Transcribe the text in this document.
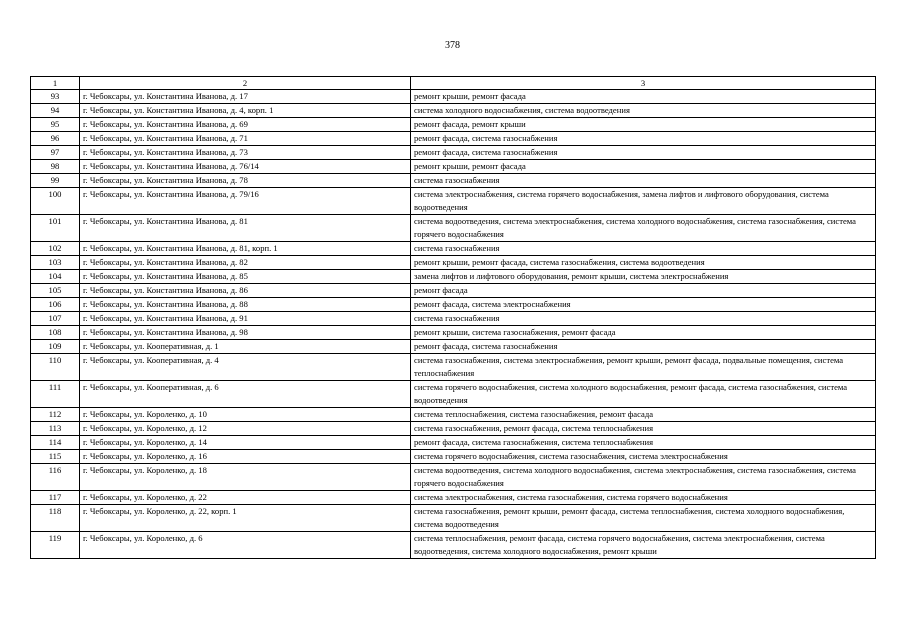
378
1	2	3
93	г. Чебоксары, ул. Константина Иванова, д. 17	ремонт крыши, ремонт фасада
94	г. Чебоксары, ул. Константина Иванова, д. 4, корп. 1	система холодного водоснабжения, система водоотведения
95	г. Чебоксары, ул. Константина Иванова, д. 69	ремонт фасада, ремонт крыши
96	г. Чебоксары, ул. Константина Иванова, д. 71	ремонт фасада, система газоснабжения
97	г. Чебоксары, ул. Константина Иванова, д. 73	ремонт фасада, система газоснабжения
98	г. Чебоксары, ул. Константина Иванова, д. 76/14	ремонт крыши, ремонт фасада
99	г. Чебоксары, ул. Константина Иванова, д. 78	система газоснабжения
100	г. Чебоксары, ул. Константина Иванова, д. 79/16	система электроснабжения, система горячего водоснабжения, замена лифтов и лифтового оборудования, система водоотведения
101	г. Чебоксары, ул. Константина Иванова, д. 81	система водоотведения, система электроснабжения, система холодного водоснабжения, система газоснабжения, система горячего водоснабжения
102	г. Чебоксары, ул. Константина Иванова, д. 81, корп. 1	система газоснабжения
103	г. Чебоксары, ул. Константина Иванова, д. 82	ремонт крыши, ремонт фасада, система газоснабжения, система водоотведения
104	г. Чебоксары, ул. Константина Иванова, д. 85	замена лифтов и лифтового оборудования, ремонт крыши, система электроснабжения
105	г. Чебоксары, ул. Константина Иванова, д. 86	ремонт фасада
106	г. Чебоксары, ул. Константина Иванова, д. 88	ремонт фасада, система электроснабжения
107	г. Чебоксары, ул. Константина Иванова, д. 91	система газоснабжения
108	г. Чебоксары, ул. Константина Иванова, д. 98	ремонт крыши, система газоснабжения, ремонт фасада
109	г. Чебоксары, ул. Кооперативная, д. 1	ремонт фасада, система газоснабжения
110	г. Чебоксары, ул. Кооперативная, д. 4	система газоснабжения, система электроснабжения, ремонт крыши, ремонт фасада, подвальные помещения, система теплоснабжения
111	г. Чебоксары, ул. Кооперативная, д. 6	система горячего водоснабжения, система холодного водоснабжения, ремонт фасада, система газоснабжения, система водоотведения
112	г. Чебоксары, ул. Короленко, д. 10	система теплоснабжения, система газоснабжения, ремонт фасада
113	г. Чебоксары, ул. Короленко, д. 12	система газоснабжения, ремонт фасада, система теплоснабжения
114	г. Чебоксары, ул. Короленко, д. 14	ремонт фасада, система газоснабжения, система теплоснабжения
115	г. Чебоксары, ул. Короленко, д. 16	система горячего водоснабжения, система газоснабжения, система электроснабжения
116	г. Чебоксары, ул. Короленко, д. 18	система водоотведения, система холодного водоснабжения, система электроснабжения, система газоснабжения, система горячего водоснабжения
117	г. Чебоксары, ул. Короленко, д. 22	система электроснабжения, система газоснабжения, система горячего водоснабжения
118	г. Чебоксары, ул. Короленко, д. 22, корп. 1	система газоснабжения, ремонт крыши, ремонт фасада, система теплоснабжения, система холодного водоснабжения, система водоотведения
119	г. Чебоксары, ул. Короленко, д. 6	система теплоснабжения, ремонт фасада, система горячего водоснабжения, система электроснабжения, система водоотведения, система холодного водоснабжения, ремонт крыши
